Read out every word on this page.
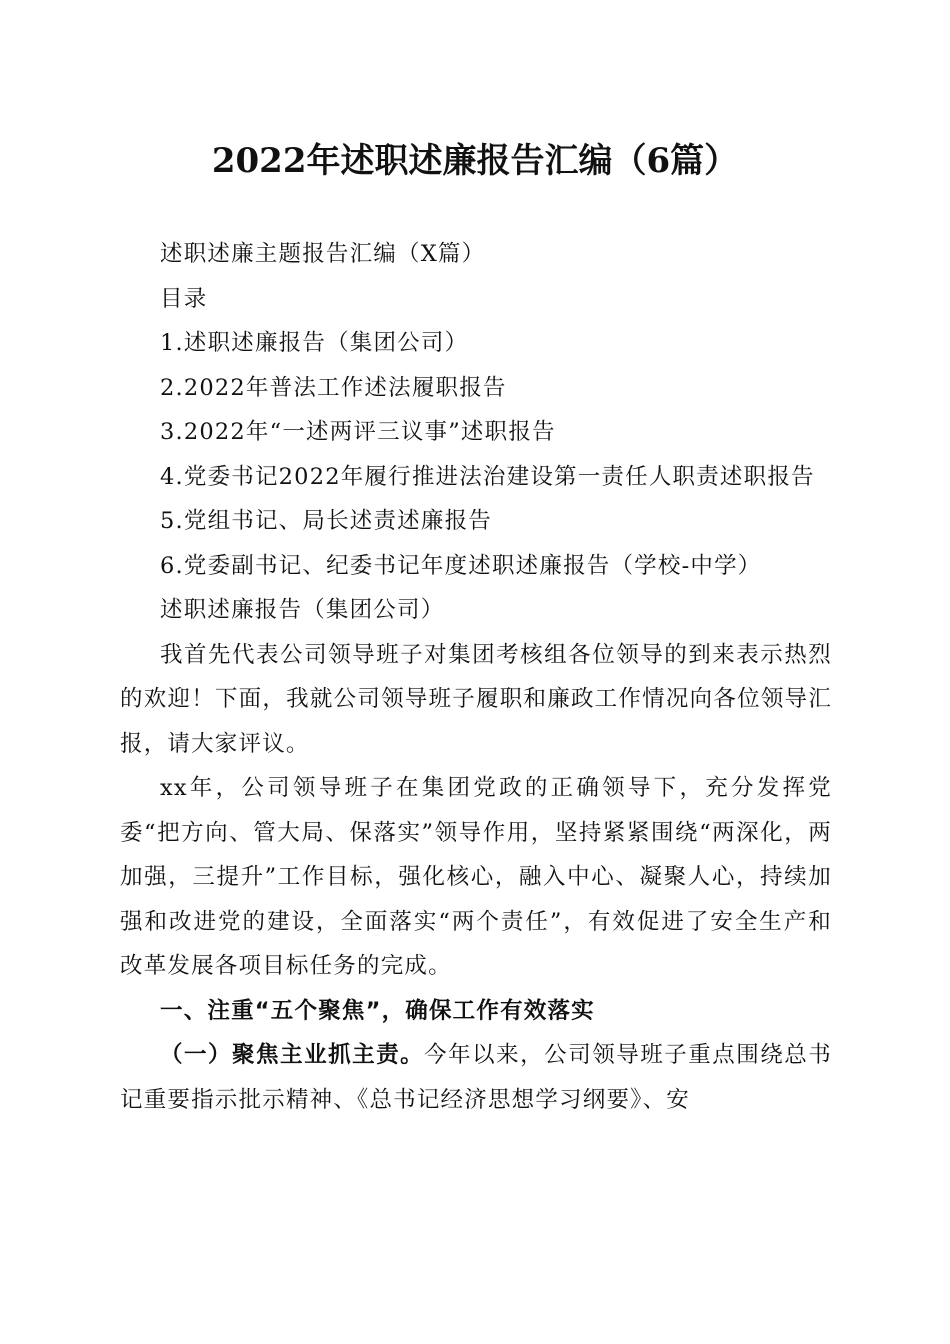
2022年述职述廉报告汇编（6篇）

述职述廉主题报告汇编（X篇）

目录

1.述职述廉报告（集团公司）

2.2022年普法工作述法履职报告

3.2022年“一述两评三议事”述职报告

4.党委书记2022年履行推进法治建设第一责任人职责述职报告

5.党组书记、局长述责述廉报告

6.党委副书记、纪委书记年度述职述廉报告（学校-中学）

述职述廉报告（集团公司）

我首先代表公司领导班子对集团考核组各位领导的到来表示热烈的欢迎！下面，我就公司领导班子履职和廉政工作情况向各位领导汇报，请大家评议。

xx年，公司领导班子在集团党政的正确领导下，充分发挥党委“把方向、管大局、保落实”领导作用，坚持紧紧围绕“两深化，两加强，三提升”工作目标，强化核心，融入中心、凝聚人心，持续加强和改进党的建设，全面落实“两个责任”，有效促进了安全生产和改革发展各项目标任务的完成。

一、注重“五个聚焦”，确保工作有效落实

（一）聚焦主业抓主责。今年以来，公司领导班子重点围绕总书记重要指示批示精神、《总书记经济思想学习纲要》、安
